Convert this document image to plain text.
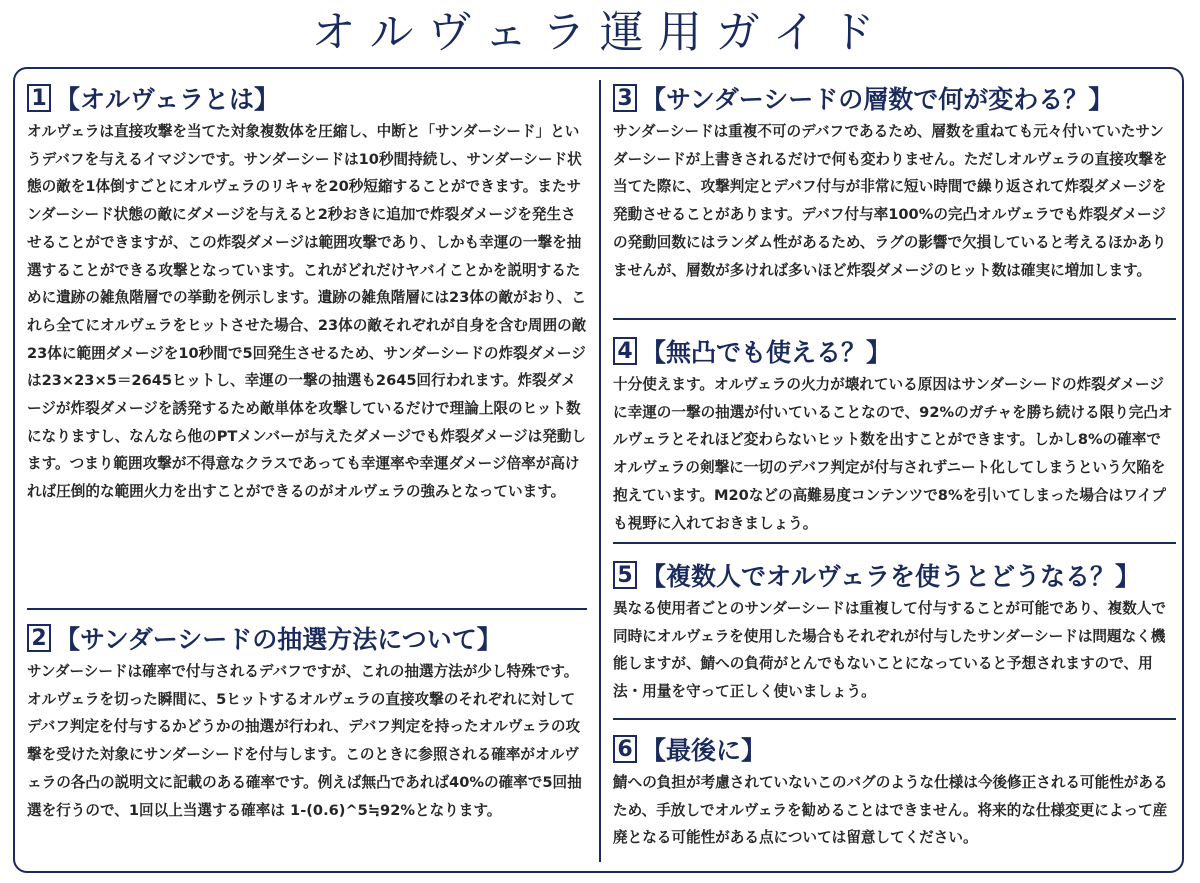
オルヴェラ運用ガイド
1 【オルヴェラとは】

オルヴェラは直接攻撃を当てた対象複数体を圧縮し、中断と「サンダーシード」というデバフを与えるイマジンです。サンダーシードは10秒間持続し、サンダーシード状態の敵を1体倒すごとにオルヴェラのリキャを20秒短縮することができます。またサンダーシード状態の敵にダメージを与えると2秒おきに追加で炸裂ダメージを発生させることができますが、この炸裂ダメージは範囲攻撃であり、しかも幸運の一撃を抽選することができる攻撃となっています。これがどれだけヤバイことかを説明するために遺跡の雑魚階層での挙動を例示します。遺跡の雑魚階層には23体の敵がおり、これら全てにオルヴェラをヒットさせた場合、23体の敵それぞれが自身を含む周囲の敵23体に範囲ダメージを10秒間で5回発生させるため、サンダーシードの炸裂ダメージは23×23×5＝2645ヒットし、幸運の一撃の抽選も2645回行われます。炸裂ダメージが炸裂ダメージを誘発するため敵単体を攻撃しているだけで理論上限のヒット数になりますし、なんなら他のPTメンバーが与えたダメージでも炸裂ダメージは発動します。つまり範囲攻撃が不得意なクラスであっても幸運率や幸運ダメージ倍率が高ければ圧倒的な範囲火力を出すことができるのがオルヴェラの強みとなっています。

2 【サンダーシードの抽選方法について】

サンダーシードは確率で付与されるデバフですが、これの抽選方法が少し特殊です。オルヴェラを切った瞬間に、5ヒットするオルヴェラの直接攻撃のそれぞれに対してデバフ判定を付与するかどうかの抽選が行われ、デバフ判定を持ったオルヴェラの攻撃を受けた対象にサンダーシードを付与します。このときに参照される確率がオルヴェラの各凸の説明文に記載のある確率です。例えば無凸であれば40%の確率で5回抽選を行うので、1回以上当選する確率は 1-(0.6)^5≒92%となります。

3 【サンダーシードの層数で何が変わる？】

サンダーシードは重複不可のデバフであるため、層数を重ねても元々付いていたサンダーシードが上書きされるだけで何も変わりません。ただしオルヴェラの直接攻撃を当てた際に、攻撃判定とデバフ付与が非常に短い時間で繰り返されて炸裂ダメージを発動させることがあります。デバフ付与率100%の完凸オルヴェラでも炸裂ダメージの発動回数にはランダム性があるため、ラグの影響で欠損していると考えるほかありませんが、層数が多ければ多いほど炸裂ダメージのヒット数は確実に増加します。

4 【無凸でも使える？】

十分使えます。オルヴェラの火力が壊れている原因はサンダーシードの炸裂ダメージに幸運の一撃の抽選が付いていることなので、92%のガチャを勝ち続ける限り完凸オルヴェラとそれほど変わらないヒット数を出すことができます。しかし8%の確率でオルヴェラの剣撃に一切のデバフ判定が付与されずニート化してしまうという欠陥を抱えています。M20などの高難易度コンテンツで8%を引いてしまった場合はワイプも視野に入れておきましょう。

5 【複数人でオルヴェラを使うとどうなる？】

異なる使用者ごとのサンダーシードは重複して付与することが可能であり、複数人で同時にオルヴェラを使用した場合もそれぞれが付与したサンダーシードは問題なく機能しますが、鯖への負荷がとんでもないことになっていると予想されますので、用法・用量を守って正しく使いましょう。

6 【最後に】

鯖への負担が考慮されていないこのバグのような仕様は今後修正される可能性があるため、手放しでオルヴェラを勧めることはできません。将来的な仕様変更によって産廃となる可能性がある点については留意してください。
